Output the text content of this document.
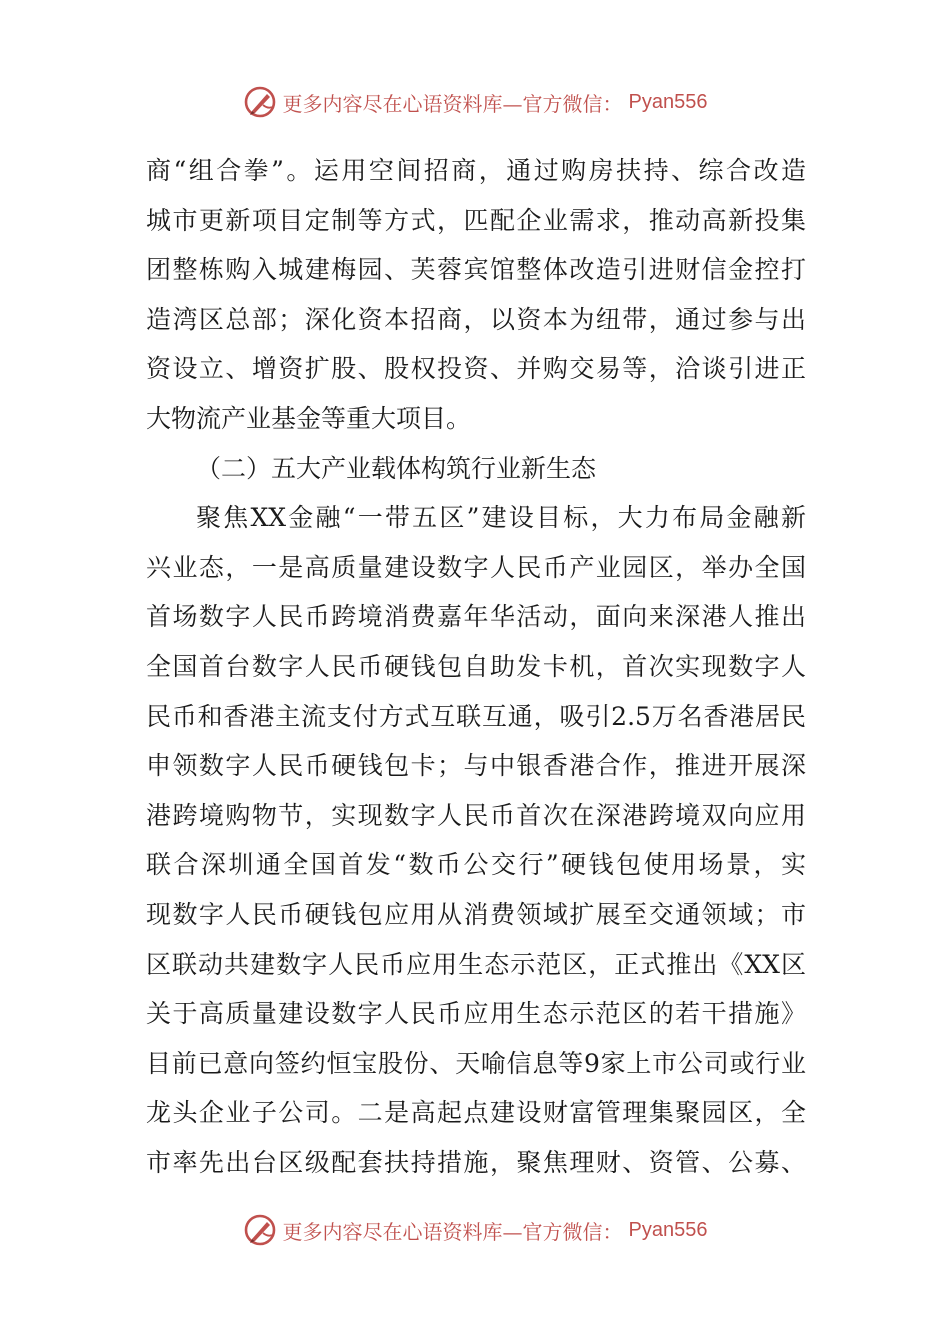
更多内容尽在心语资料库—官方微信： Pyan556
商“组合拳”。运用空间招商，通过购房扶持、综合改造
城市更新项目定制等方式，匹配企业需求，推动高新投集
团整栋购入城建梅园、芙蓉宾馆整体改造引进财信金控打
造湾区总部；深化资本招商，以资本为纽带，通过参与出
资设立、增资扩股、股权投资、并购交易等，洽谈引进正
大物流产业基金等重大项目。
（二）五大产业载体构筑行业新生态
聚焦XX金融“一带五区”建设目标，大力布局金融新
兴业态，一是高质量建设数字人民币产业园区，举办全国
首场数字人民币跨境消费嘉年华活动，面向来深港人推出
全国首台数字人民币硬钱包自助发卡机，首次实现数字人
民币和香港主流支付方式互联互通，吸引2.5万名香港居民
申领数字人民币硬钱包卡；与中银香港合作，推进开展深
港跨境购物节，实现数字人民币首次在深港跨境双向应用
联合深圳通全国首发“数币公交行”硬钱包使用场景，实
现数字人民币硬钱包应用从消费领域扩展至交通领域；市
区联动共建数字人民币应用生态示范区，正式推出《XX区
关于高质量建设数字人民币应用生态示范区的若干措施》
目前已意向签约恒宝股份、天喻信息等9家上市公司或行业
龙头企业子公司。二是高起点建设财富管理集聚园区，全
市率先出台区级配套扶持措施，聚焦理财、资管、公募、
更多内容尽在心语资料库—官方微信： Pyan556
